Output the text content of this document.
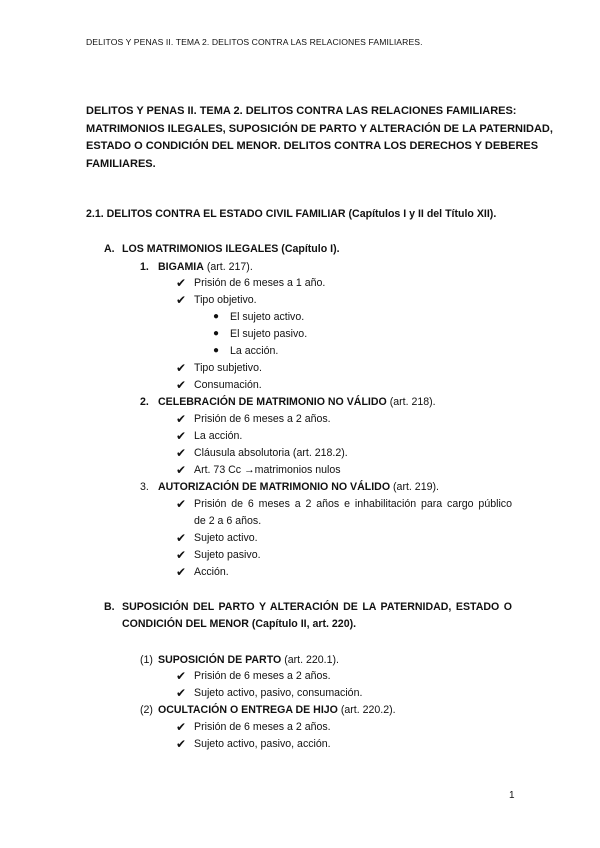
DELITOS Y PENAS II. TEMA 2. DELITOS CONTRA LAS RELACIONES FAMILIARES.
DELITOS Y PENAS II. TEMA 2. DELITOS CONTRA LAS RELACIONES FAMILIARES:
MATRIMONIOS ILEGALES, SUPOSICIÓN DE PARTO Y ALTERACIÓN DE LA PATERNIDAD,
ESTADO O CONDICIÓN DEL MENOR. DELITOS CONTRA LOS DERECHOS Y DEBERES
FAMILIARES.
2.1. DELITOS CONTRA EL ESTADO CIVIL FAMILIAR (Capítulos I y II del Título XII).
A. LOS MATRIMONIOS ILEGALES (Capítulo I).
1. BIGAMIA (art. 217).
✔ Prisión de 6 meses a 1 año.
✔ Tipo objetivo.
● El sujeto activo.
● El sujeto pasivo.
● La acción.
✔ Tipo subjetivo.
✔ Consumación.
2. CELEBRACIÓN DE MATRIMONIO NO VÁLIDO (art. 218).
✔ Prisión de 6 meses a 2 años.
✔ La acción.
✔ Cláusula absolutoria (art. 218.2).
✔ Art. 73 Cc →matrimonios nulos
3. AUTORIZACIÓN DE MATRIMONIO NO VÁLIDO (art. 219).
✔ Prisión de 6 meses a 2 años e inhabilitación para cargo público
de 2 a 6 años.
✔ Sujeto activo.
✔ Sujeto pasivo.
✔ Acción.
B. SUPOSICIÓN DEL PARTO Y ALTERACIÓN DE LA PATERNIDAD, ESTADO O
CONDICIÓN DEL MENOR (Capítulo II, art. 220).
(1) SUPOSICIÓN DE PARTO (art. 220.1).
✔ Prisión de 6 meses a 2 años.
✔ Sujeto activo, pasivo, consumación.
(2) OCULTACIÓN O ENTREGA DE HIJO (art. 220.2).
✔ Prisión de 6 meses a 2 años.
✔ Sujeto activo, pasivo, acción.
1
